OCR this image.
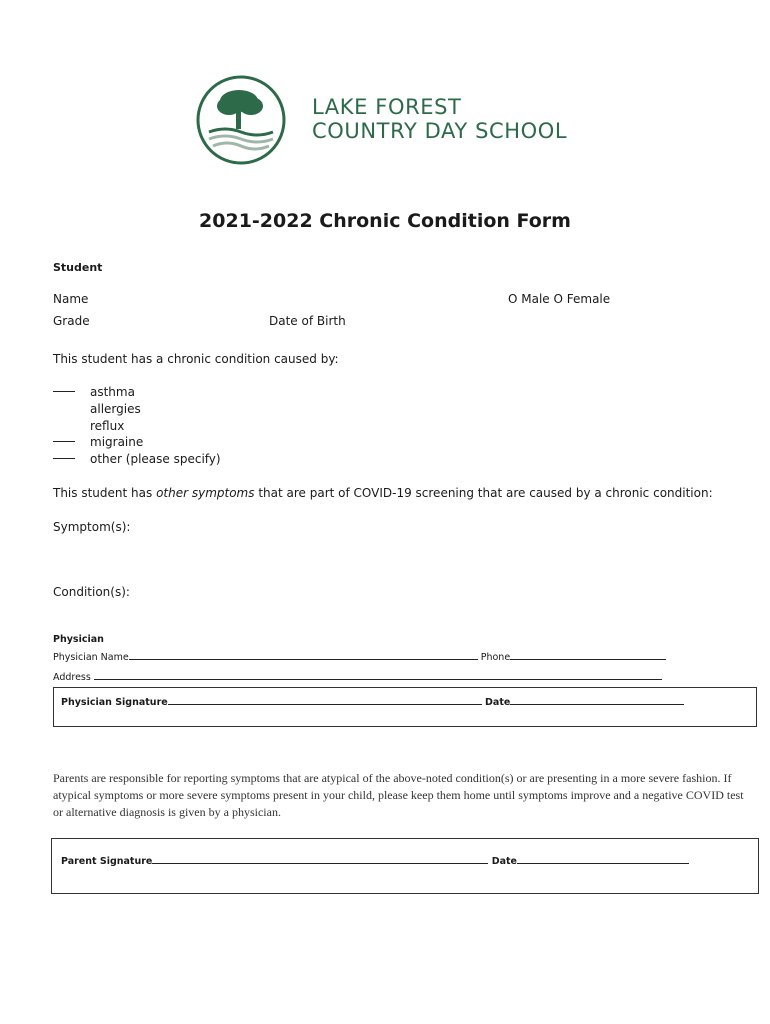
LAKE FOREST
COUNTRY DAY SCHOOL
2021-2022 Chronic Condition Form
Student
Name	O Male O Female
Grade	Date of Birth
This student has a chronic condition caused by:
asthma
allergies
reflux
migraine
other (please specify)
This student has other symptoms that are part of COVID-19 screening that are caused by a chronic condition:
Symptom(s):
Condition(s):
Physician
Physician Name	Phone
Address
Physician Signature	Date
Parents are responsible for reporting symptoms that are atypical of the above-noted condition(s) or are presenting in a more severe fashion. If atypical symptoms or more severe symptoms present in your child, please keep them home until symptoms improve and a negative COVID test or alternative diagnosis is given by a physician.
Parent Signature	Date
